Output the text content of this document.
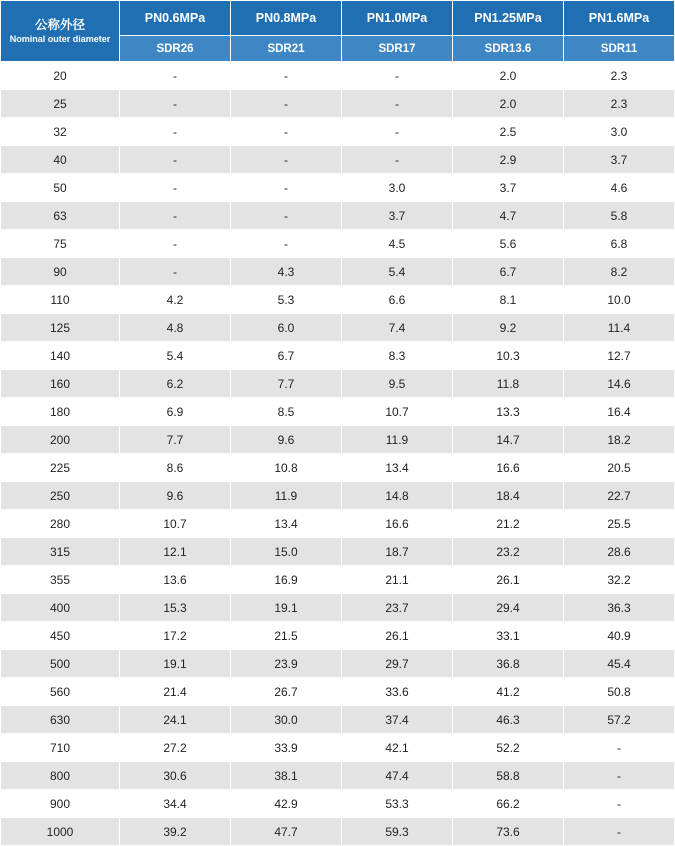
公称外径
Nominal outer diameter	PN0.6MPa	PN0.8MPa	PN1.0MPa	PN1.25MPa	PN1.6MPa
	SDR26	SDR21	SDR17	SDR13.6	SDR11
20	-	-	-	2.0	2.3
25	-	-	-	2.0	2.3
32	-	-	-	2.5	3.0
40	-	-	-	2.9	3.7
50	-	-	3.0	3.7	4.6
63	-	-	3.7	4.7	5.8
75	-	-	4.5	5.6	6.8
90	-	4.3	5.4	6.7	8.2
110	4.2	5.3	6.6	8.1	10.0
125	4.8	6.0	7.4	9.2	11.4
140	5.4	6.7	8.3	10.3	12.7
160	6.2	7.7	9.5	11.8	14.6
180	6.9	8.5	10.7	13.3	16.4
200	7.7	9.6	11.9	14.7	18.2
225	8.6	10.8	13.4	16.6	20.5
250	9.6	11.9	14.8	18.4	22.7
280	10.7	13.4	16.6	21.2	25.5
315	12.1	15.0	18.7	23.2	28.6
355	13.6	16.9	21.1	26.1	32.2
400	15.3	19.1	23.7	29.4	36.3
450	17.2	21.5	26.1	33.1	40.9
500	19.1	23.9	29.7	36.8	45.4
560	21.4	26.7	33.6	41.2	50.8
630	24.1	30.0	37.4	46.3	57.2
710	27.2	33.9	42.1	52.2	-
800	30.6	38.1	47.4	58.8	-
900	34.4	42.9	53.3	66.2	-
1000	39.2	47.7	59.3	73.6	-
